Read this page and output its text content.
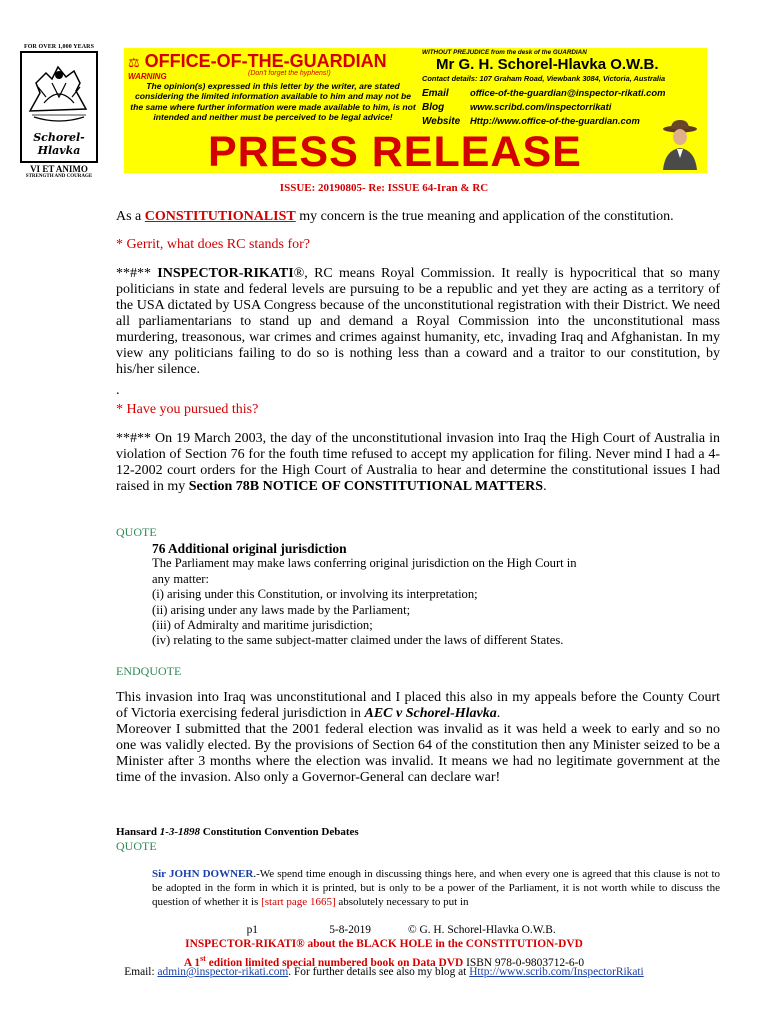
FOR OVER 1,000 YEARS
Schorel-Hlavka
VI ET ANIMO
STRENGTH AND COURAGE
⚖ OFFICE-OF-THE-GUARDIAN
(Don't forget the hyphens!)
WARNING
The opinion(s) expressed in this letter by the writer, are stated considering the limited information available to him and may not be the same where further information were made available to him, is not intended and neither must be perceived to be legal advice!
WITHOUT PREJUDICE from the desk of the GUARDIAN
Mr G. H. Schorel-Hlavka O.W.B.
Contact details: 107 Graham Road, Viewbank 3084, Victoria, Australia
Email office-of-the-guardian@inspector-rikati.com
Blog	www.scribd.com/inspectorrikati
Website Http://www.office-of-the-guardian.com
PRESS RELEASE
ISSUE: 20190805- Re: ISSUE 64-Iran & RC
As a CONSTITUTIONALIST my concern is the true meaning and application of the constitution.
* Gerrit, what does RC stands for?
**#** INSPECTOR-RIKATI®, RC means Royal Commission. It really is hypocritical that so many politicians in state and federal levels are pursuing to be a republic and yet they are acting as a territory of the USA dictated by USA Congress because of the unconstitutional registration with their District. We need all parliamentarians to stand up and demand a Royal Commission into the unconstitutional mass murdering, treasonous, war crimes and crimes against humanity, etc, invading Iraq and Afghanistan. In my view any politicians failing to do so is nothing less than a coward and a traitor to our constitution, by his/her silence.
.
* Have you pursued this?
**#** On 19 March 2003, the day of the unconstitutional invasion into Iraq the High Court of Australia in violation of Section 76 for the fouth time refused to accept my application for filing. Never mind I had a 4-12-2002 court orders for the High Court of Australia to hear and determine the constitutional issues I had raised in my Section 78B NOTICE OF CONSTITUTIONAL MATTERS.
QUOTE
76 Additional original jurisdiction
The Parliament may make laws conferring original jurisdiction on the High Court in any matter:
(i) arising under this Constitution, or involving its interpretation;
(ii) arising under any laws made by the Parliament;
(iii) of Admiralty and maritime jurisdiction;
(iv) relating to the same subject-matter claimed under the laws of different States.
ENDQUOTE
This invasion into Iraq was unconstitutional and I placed this also in my appeals before the County Court of Victoria exercising federal jurisdiction in AEC v Schorel-Hlavka.
Moreover I submitted that the 2001 federal election was invalid as it was held a week to early and so no one was validly elected. By the provisions of Section 64 of the constitution then any Minister seized to be a Minister after 3 months where the election was invalid. It means we had no legitimate government at the time of the invasion. Also only a Governor-General can declare war!
Hansard 1-3-1898 Constitution Convention Debates
QUOTE
Sir JOHN DOWNER.-We spend time enough in discussing things here, and when every one is agreed that this clause is not to be adopted in the form in which it is printed, but is only to be a power of the Parliament, it is not worth while to discuss the question of whether it is [start page 1665] absolutely necessary to put in
p1	5-8-2019	© G. H. Schorel-Hlavka O.W.B.
INSPECTOR-RIKATI® about the BLACK HOLE in the CONSTITUTION-DVD
A 1st edition limited special numbered book on Data DVD ISBN 978-0-9803712-6-0
Email: admin@inspector-rikati.com. For further details see also my blog at Http://www.scrib.com/InspectorRikati
